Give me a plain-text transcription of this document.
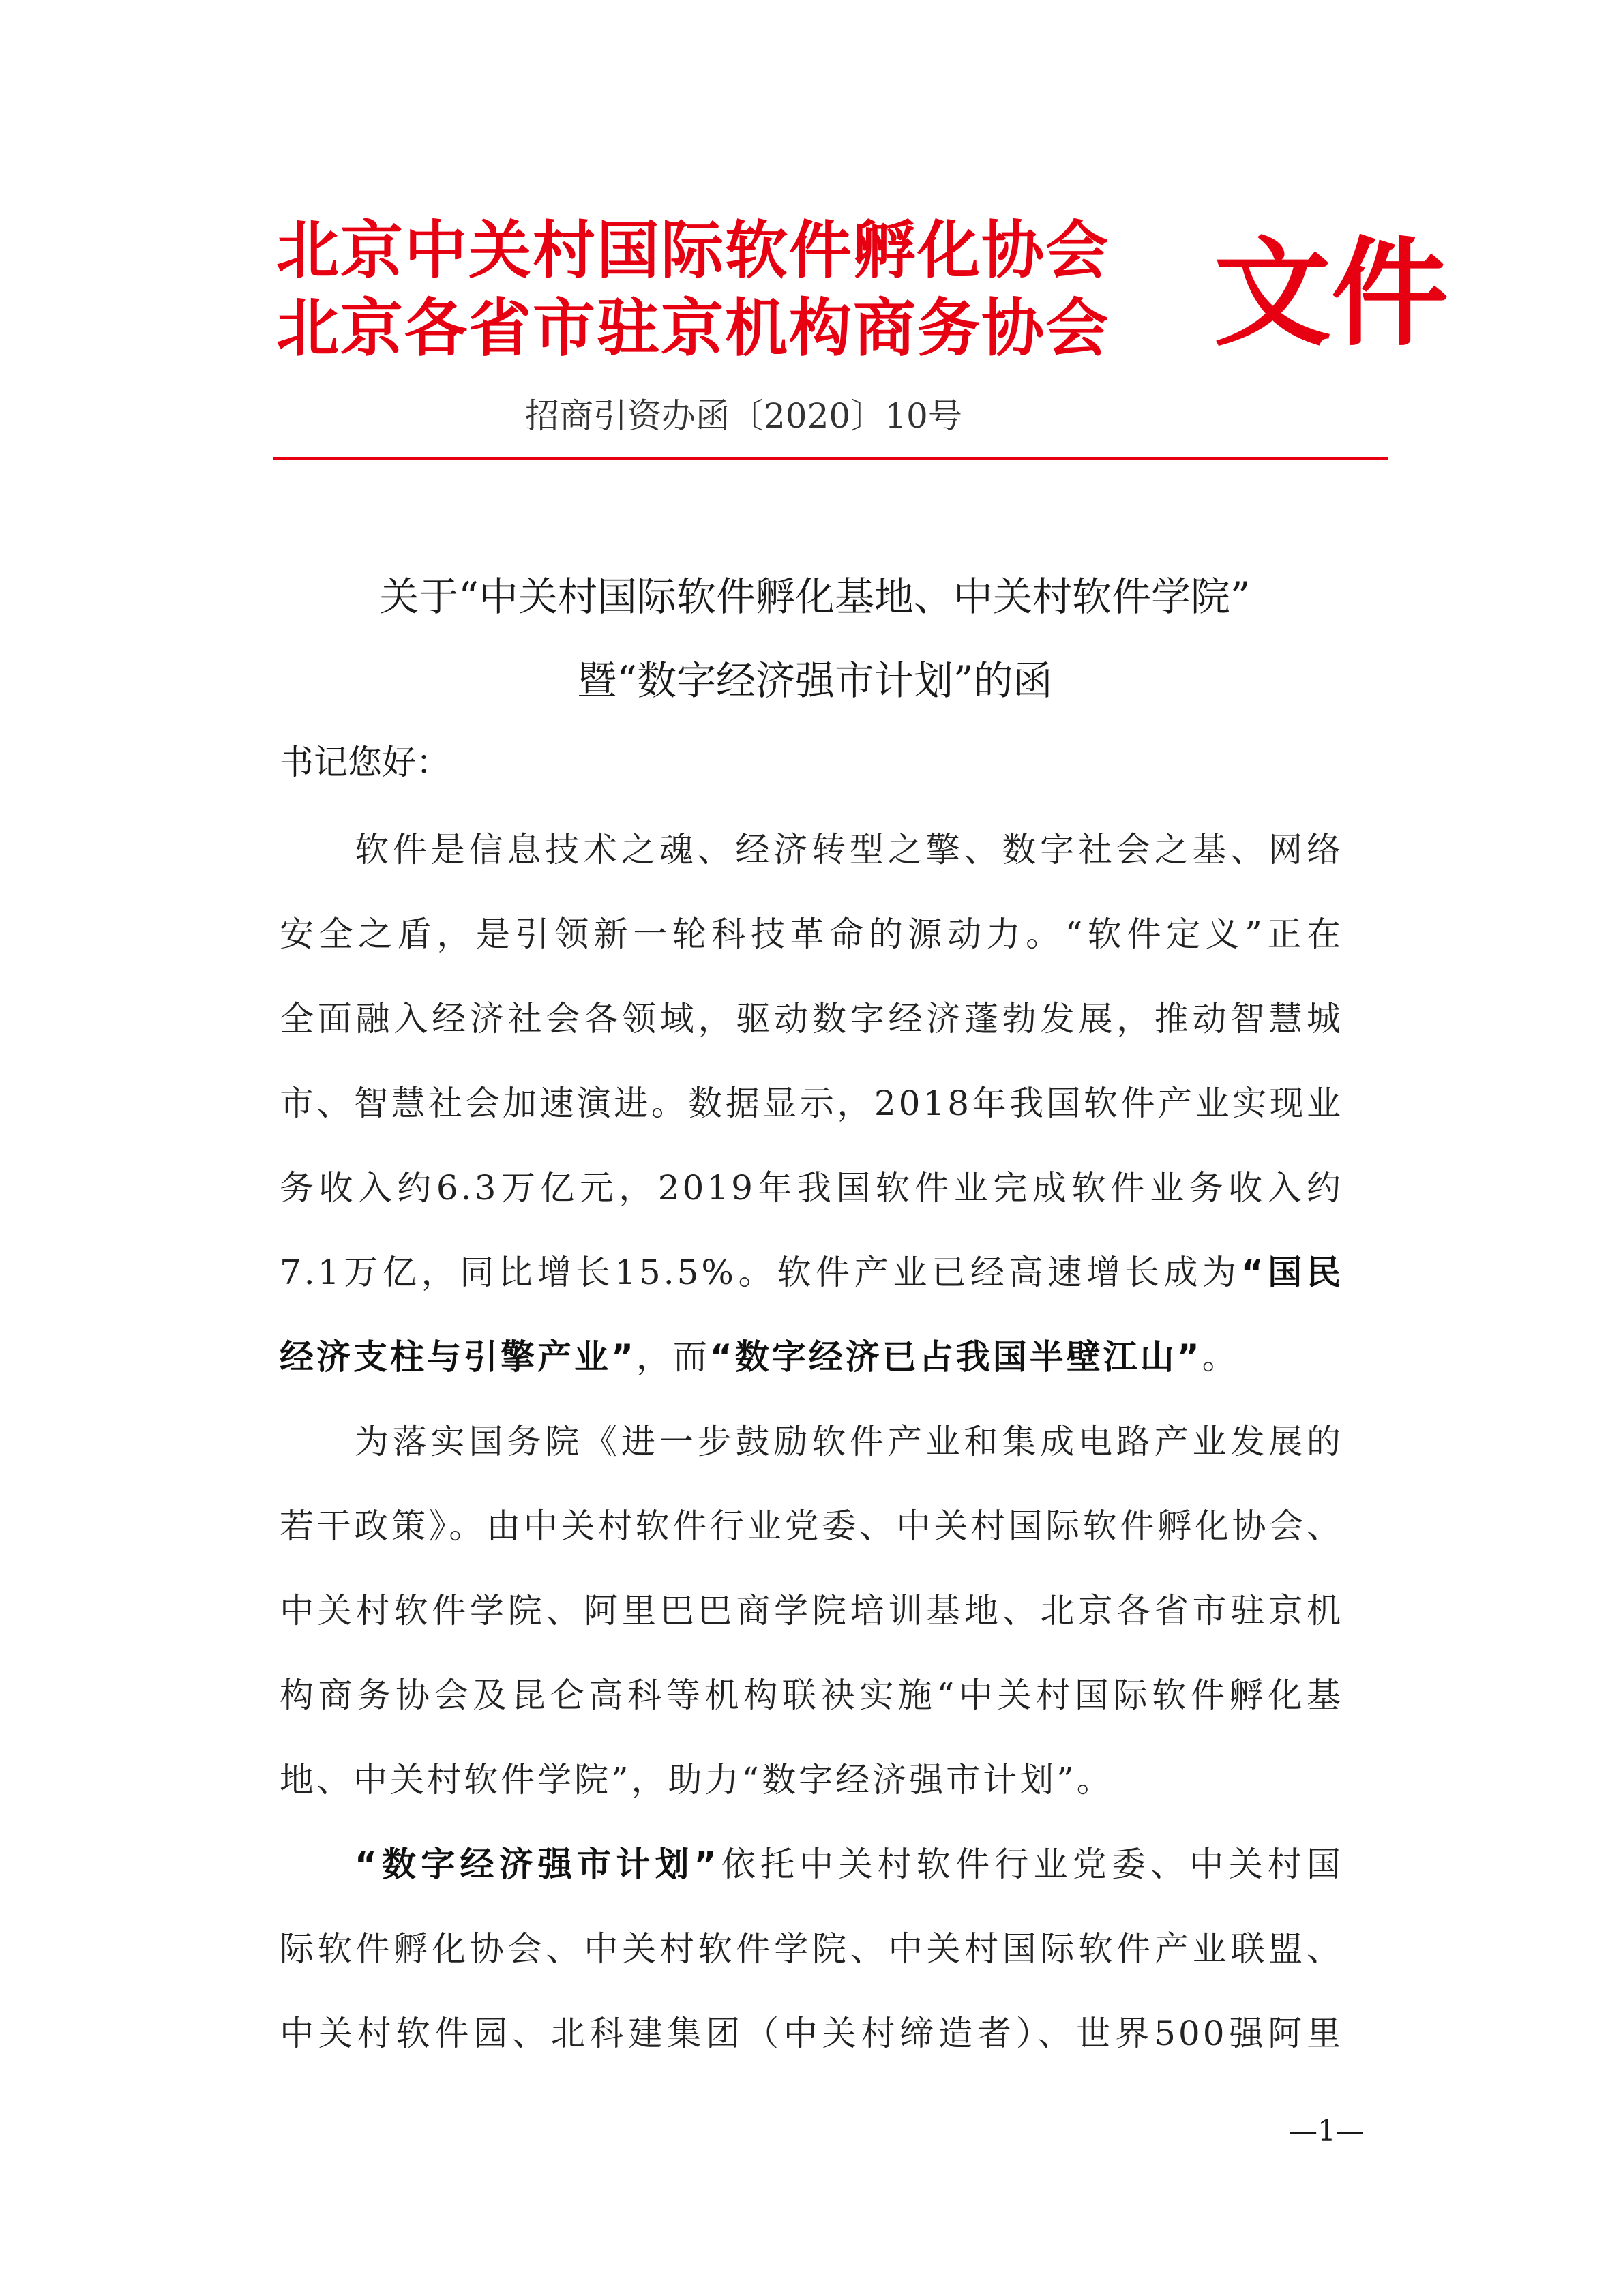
北京中关村国际软件孵化协会
北京各省市驻京机构商务协会 文件
招商引资办函〔2020〕10号
关于“中关村国际软件孵化基地、中关村软件学院”
暨“数字经济强市计划”的函
书记您好：
软件是信息技术之魂、经济转型之擎、数字社会之基、网络
安全之盾，是引领新一轮科技革命的源动力。“软件定义”正在
全面融入经济社会各领域，驱动数字经济蓬勃发展，推动智慧城
市、智慧社会加速演进。数据显示，2018年我国软件产业实现业
务收入约6.3万亿元，2019年我国软件业完成软件业务收入约
7.1万亿，同比增长15.5%。软件产业已经高速增长成为“国民
经济支柱与引擎产业”，而“数字经济已占我国半壁江山”。
为落实国务院《进一步鼓励软件产业和集成电路产业发展的
若干政策》。由中关村软件行业党委、中关村国际软件孵化协会、
中关村软件学院、阿里巴巴商学院培训基地、北京各省市驻京机
构商务协会及昆仑高科等机构联袂实施“中关村国际软件孵化基
地、中关村软件学院”，助力“数字经济强市计划”。
“数字经济强市计划”依托中关村软件行业党委、中关村国
际软件孵化协会、中关村软件学院、中关村国际软件产业联盟、
中关村软件园、北科建集团（中关村缔造者）、世界500强阿里
—1—
